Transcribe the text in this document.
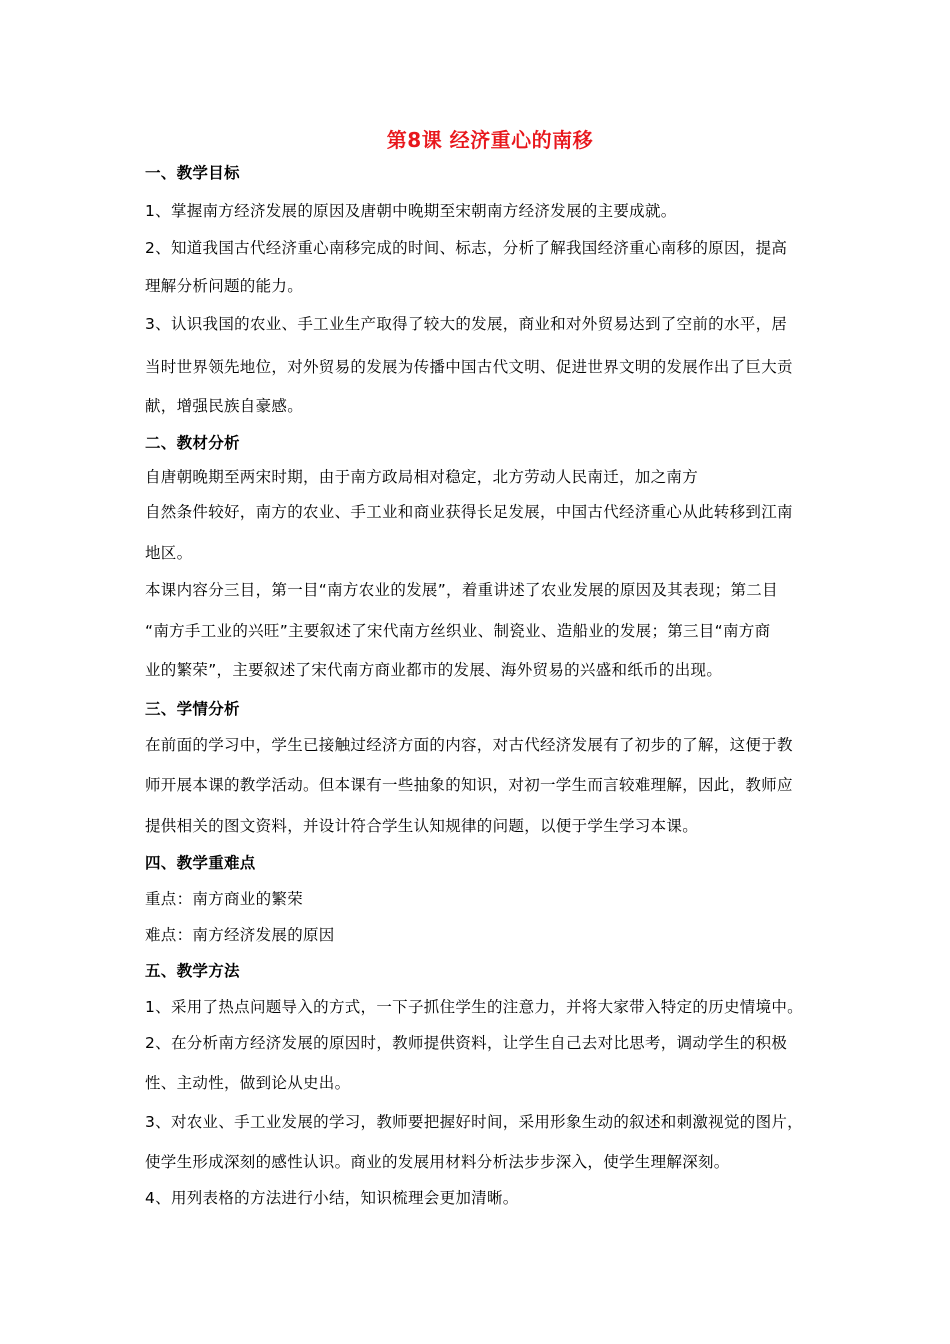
第8课 经济重心的南移
一、教学目标
1、掌握南方经济发展的原因及唐朝中晚期至宋朝南方经济发展的主要成就。
2、知道我国古代经济重心南移完成的时间、标志，分析了解我国经济重心南移的原因，提高
理解分析问题的能力。
3、认识我国的农业、手工业生产取得了较大的发展，商业和对外贸易达到了空前的水平，居
当时世界领先地位，对外贸易的发展为传播中国古代文明、促进世界文明的发展作出了巨大贡
献，增强民族自豪感。
二、教材分析
自唐朝晚期至两宋时期，由于南方政局相对稳定，北方劳动人民南迁，加之南方
自然条件较好，南方的农业、手工业和商业获得长足发展，中国古代经济重心从此转移到江南
地区。
本课内容分三目，第一目“南方农业的发展”，着重讲述了农业发展的原因及其表现；第二目
“南方手工业的兴旺”主要叙述了宋代南方丝织业、制瓷业、造船业的发展；第三目“南方商
业的繁荣”，主要叙述了宋代南方商业都市的发展、海外贸易的兴盛和纸币的出现。
三、学情分析
在前面的学习中，学生已接触过经济方面的内容，对古代经济发展有了初步的了解，这便于教
师开展本课的教学活动。但本课有一些抽象的知识，对初一学生而言较难理解，因此，教师应
提供相关的图文资料，并设计符合学生认知规律的问题，以便于学生学习本课。
四、教学重难点
重点：南方商业的繁荣
难点：南方经济发展的原因
五、教学方法
1、采用了热点问题导入的方式，一下子抓住学生的注意力，并将大家带入特定的历史情境中。
2、在分析南方经济发展的原因时，教师提供资料，让学生自己去对比思考，调动学生的积极
性、主动性，做到论从史出。
3、对农业、手工业发展的学习，教师要把握好时间，采用形象生动的叙述和刺激视觉的图片，
使学生形成深刻的感性认识。商业的发展用材料分析法步步深入，使学生理解深刻。
4、用列表格的方法进行小结，知识梳理会更加清晰。
